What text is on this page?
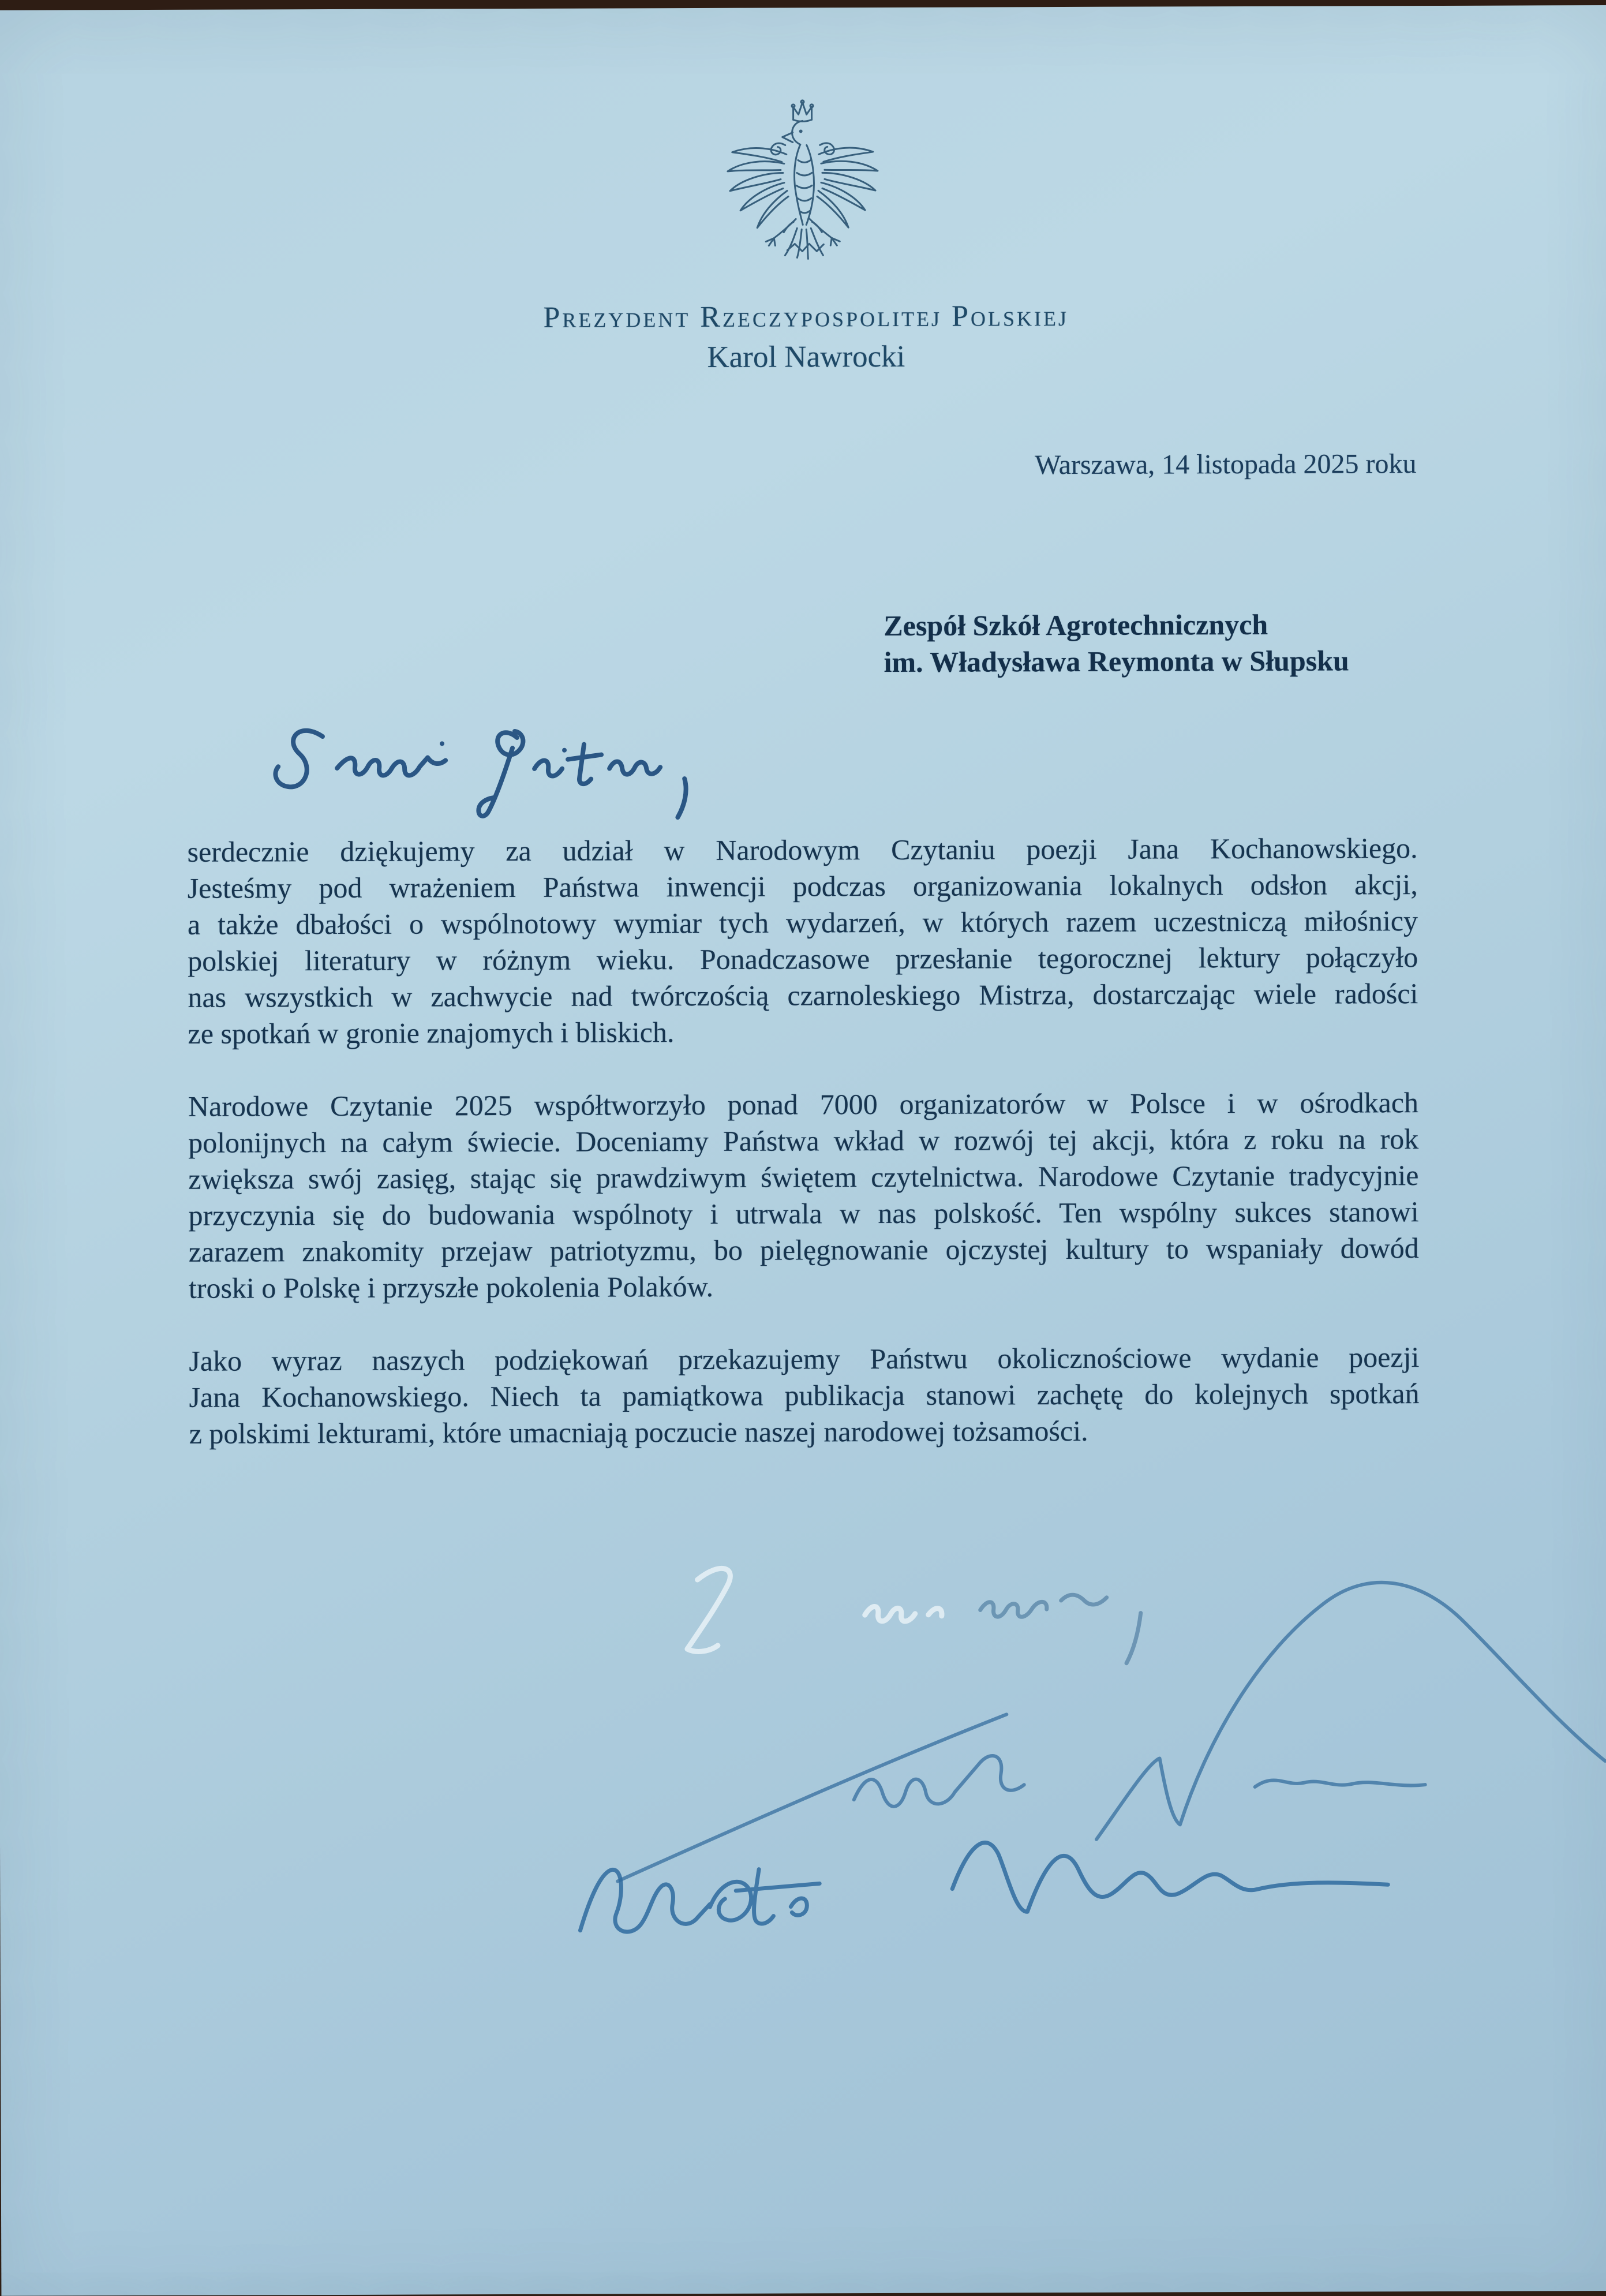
Prezydent Rzeczypospolitej Polskiej
Karol Nawrocki
Warszawa, 14 listopada 2025 roku
Zespół Szkół Agrotechnicznych
im. Władysława Reymonta w Słupsku
serdecznie dziękujemy za udział w Narodowym Czytaniu poezji Jana Kochanowskiego.
Jesteśmy pod wrażeniem Państwa inwencji podczas organizowania lokalnych odsłon akcji,
a także dbałości o wspólnotowy wymiar tych wydarzeń, w których razem uczestniczą miłośnicy
polskiej literatury w różnym wieku. Ponadczasowe przesłanie tegorocznej lektury połączyło
nas wszystkich w zachwycie nad twórczością czarnoleskiego Mistrza, dostarczając wiele radości
ze spotkań w gronie znajomych i bliskich.
Narodowe Czytanie 2025 współtworzyło ponad 7000 organizatorów w Polsce i w ośrodkach
polonijnych na całym świecie. Doceniamy Państwa wkład w rozwój tej akcji, która z roku na rok
zwiększa swój zasięg, stając się prawdziwym świętem czytelnictwa. Narodowe Czytanie tradycyjnie
przyczynia się do budowania wspólnoty i utrwala w nas polskość. Ten wspólny sukces stanowi
zarazem znakomity przejaw patriotyzmu, bo pielęgnowanie ojczystej kultury to wspaniały dowód
troski o Polskę i przyszłe pokolenia Polaków.
Jako wyraz naszych podziękowań przekazujemy Państwu okolicznościowe wydanie poezji
Jana Kochanowskiego. Niech ta pamiątkowa publikacja stanowi zachętę do kolejnych spotkań
z polskimi lekturami, które umacniają poczucie naszej narodowej tożsamości.
